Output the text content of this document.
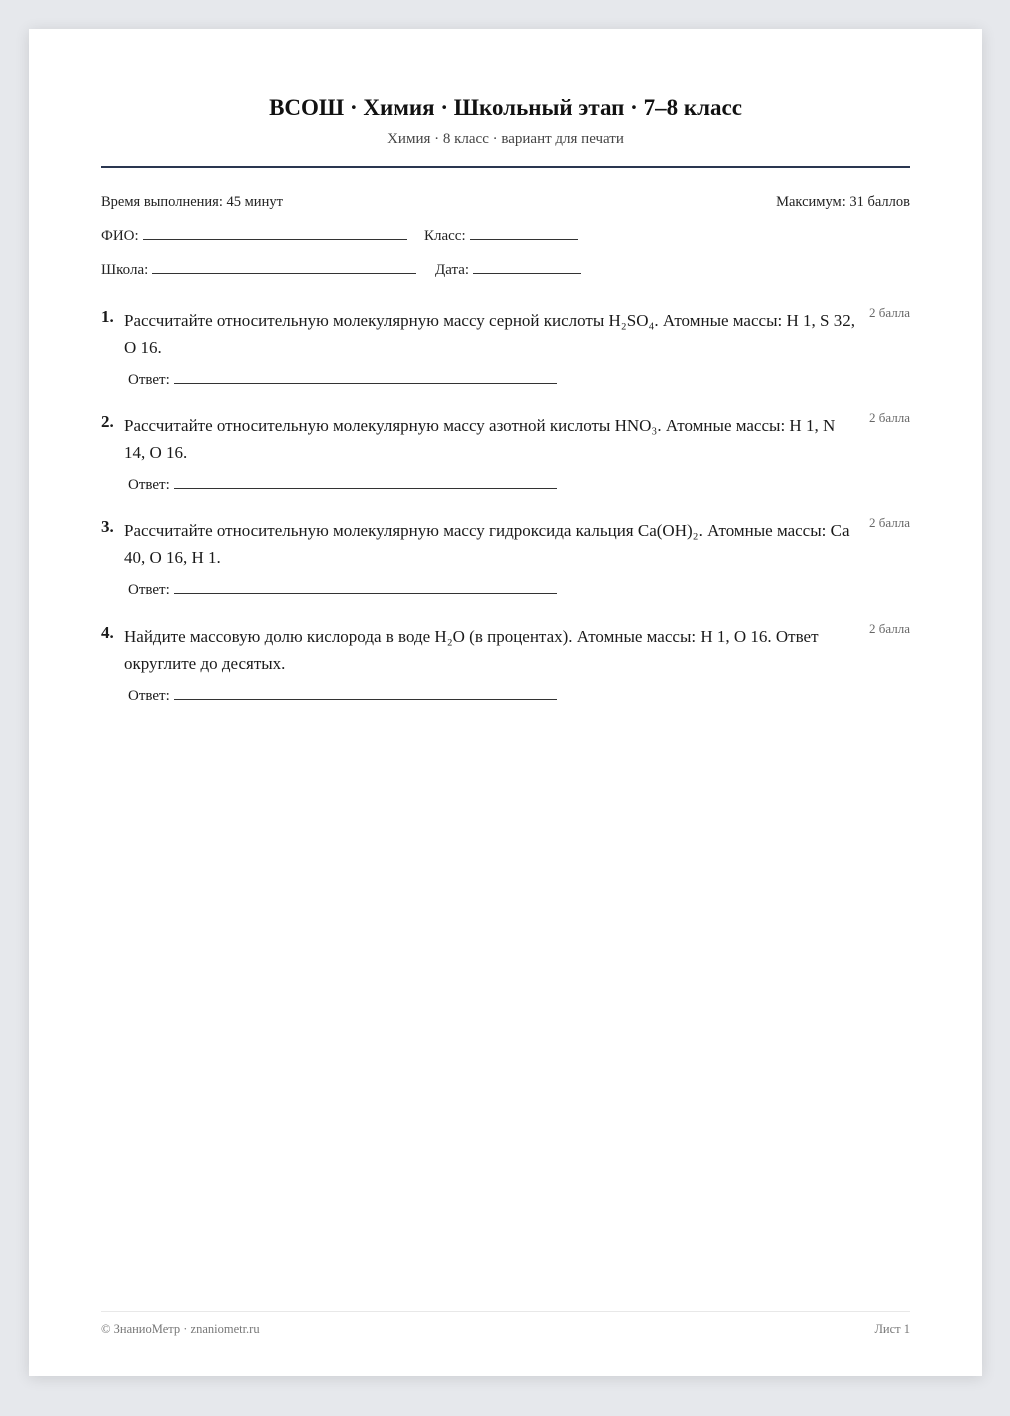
ВСОШ · Химия · Школьный этап · 7–8 класс
Химия · 8 класс · вариант для печати
Время выполнения: 45 минут	Максимум: 31 баллов
ФИО:	Класс:
Школа:	Дата:
1. Рассчитайте относительную молекулярную массу серной кислоты H₂SO₄. Атомные массы: H 1, S 32, O 16.
2 балла
Ответ:
2. Рассчитайте относительную молекулярную массу азотной кислоты HNO₃. Атомные массы: H 1, N 14, O 16.
2 балла
Ответ:
3. Рассчитайте относительную молекулярную массу гидроксида кальция Ca(OH)₂. Атомные массы: Ca 40, O 16, H 1.
2 балла
Ответ:
4. Найдите массовую долю кислорода в воде H₂O (в процентах). Атомные массы: H 1, O 16. Ответ округлите до десятых.
2 балла
Ответ:
© ЗнаниоМетр · znaniometr.ru	Лист 1
